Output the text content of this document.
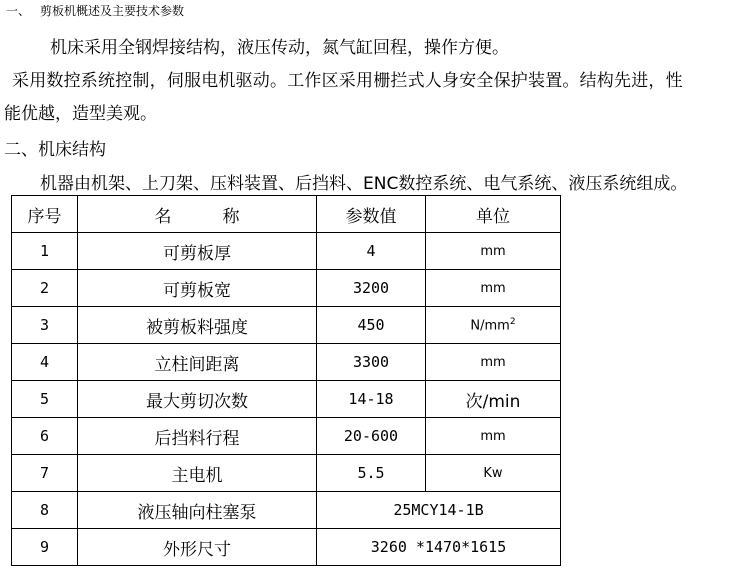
一、 剪板机概述及主要技术参数
机床采用全钢焊接结构，液压传动，氮气缸回程，操作方便。
采用数控系统控制，伺服电机驱动。工作区采用栅拦式人身安全保护装置。结构先进，性
能优越，造型美观。
二、机床结构
机器由机架、上刀架、压料装置、后挡料、ENC数控系统、电气系统、液压系统组成。
序号	名　　　称	参数值	单位
1	可剪板厚	4	mm
2	可剪板宽	3200	mm
3	被剪板料强度	450	$N/mm^2$
4	立柱间距离	3300	mm
5	最大剪切次数	14-18	次/min
6	后挡料行程	20-600	mm
7	主电机	5.5	Kw
8	液压轴向柱塞泵	25MCY14-1B	
9	外形尺寸	3260 *1470*1615	
